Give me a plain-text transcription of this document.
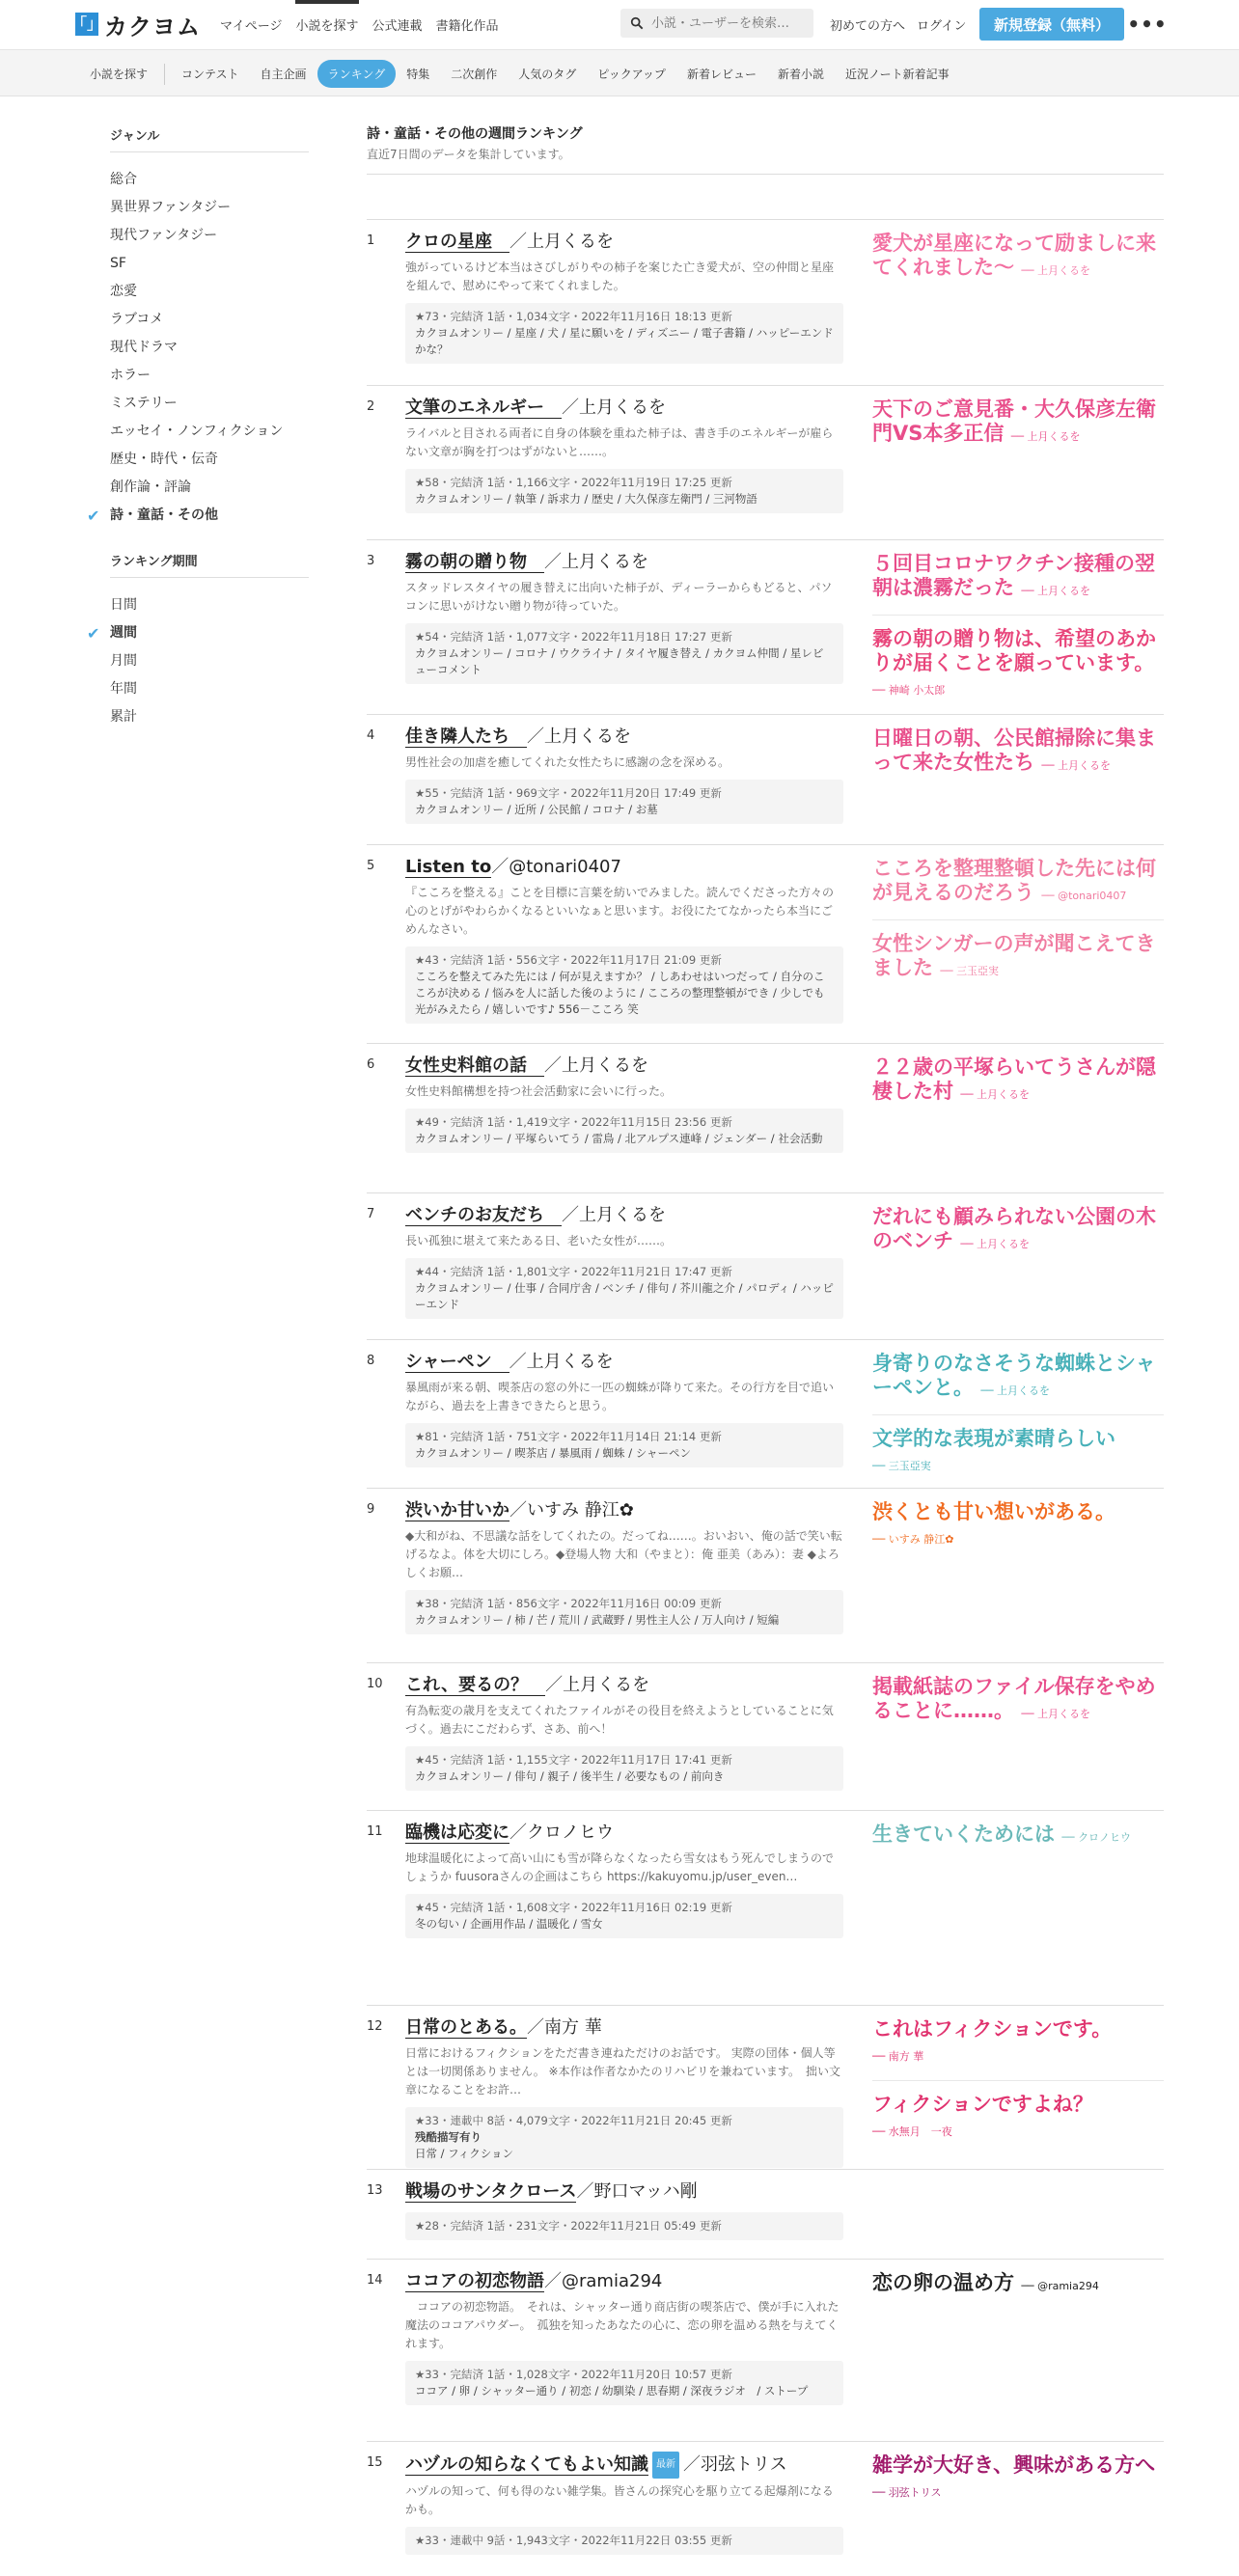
「」 カクヨム マイページ 小説を探す 公式連載 書籍化作品
小説・ユーザーを検索…	初めての方へ ログイン	新規登録（無料） •••
小説を探す	コンテスト	自主企画	ランキング	特集	二次創作	人気のタグ	ピックアップ	新着レビュー	新着小説	近況ノート新着記事
ジャンル
総合
異世界ファンタジー
現代ファンタジー
SF
恋愛
ラブコメ
現代ドラマ
ホラー
ミステリー
エッセイ・ノンフィクション
歴史・時代・伝奇
創作論・評論
✔ 詩・童話・その他
ランキング期間
日間
✔ 週間
月間
年間
累計
詩・童話・その他の週間ランキング
直近7日間のデータを集計しています。
1 クロの星座　／上月くるを
強がっているけど本当はさびしがりやの柿子を案じた亡き愛犬が、空の仲間と星座を組んで、慰めにやって来てくれました。
★73・完結済 1話・1,034文字・2022年11月16日 18:13 更新
カクヨムオンリー / 星座 / 犬 / 星に願いを / ディズニー / 電子書籍 / ハッピーエンドかな？
愛犬が星座になって励ましに来てくれました～ ── 上月くるを
2 文筆のエネルギー　／上月くるを
ライバルと目される両者に自身の体験を重ねた柿子は、書き手のエネルギーが雇らない文章が胸を打つはずがないと……。
★58・完結済 1話・1,166文字・2022年11月19日 17:25 更新
カクヨムオンリー / 執筆 / 訴求力 / 歴史 / 大久保彦左衛門 / 三河物語
天下のご意見番・大久保彦左衛門VS本多正信 ── 上月くるを
3 霧の朝の贈り物　／上月くるを
スタッドレスタイヤの履き替えに出向いた柿子が、ディーラーからもどると、パソコンに思いがけない贈り物が待っていた。
★54・完結済 1話・1,077文字・2022年11月18日 17:27 更新
カクヨムオンリー / コロナ / ウクライナ / タイヤ履き替え / カクヨム仲間 / 星レビューコメント
５回目コロナワクチン接種の翌朝は濃霧だった ── 上月くるを
霧の朝の贈り物は、希望のあかりが届くことを願っています。 ── 神崎 小太郎
4 佳き隣人たち　／上月くるを
男性社会の加虐を癒してくれた女性たちに感謝の念を深める。
★55・完結済 1話・969文字・2022年11月20日 17:49 更新
カクヨムオンリー / 近所 / 公民館 / コロナ / お墓
日曜日の朝、公民館掃除に集まって来た女性たち ── 上月くるを
5 Listen to／@tonari0407
『こころを整える』ことを目標に言葉を紡いでみました。読んでくださった方々の心のとげがやわらかくなるといいなぁと思います。お役にたてなかったら本当にごめんなさい。
★43・完結済 1話・556文字・2022年11月17日 21:09 更新
こころを整えてみた先には / 何が見えますか？ / しあわせはいつだって / 自分のこころが決める / 悩みを人に話した後のように / こころの整理整頓ができ / 少しでも光がみえたら / 嬉しいです♪ 556－こころ 笑
こころを整理整頓した先には何が見えるのだろう ── @tonari0407
女性シンガーの声が聞こえてきました ── 三玉亞実
6 女性史料館の話　／上月くるを
女性史料館構想を持つ社会活動家に会いに行った。
★49・完結済 1話・1,419文字・2022年11月15日 23:56 更新
カクヨムオンリー / 平塚らいてう / 雷鳥 / 北アルプス連峰 / ジェンダー / 社会活動
２２歳の平塚らいてうさんが隠棲した村 ── 上月くるを
7 ベンチのお友だち　／上月くるを
長い孤独に堪えて来たある日、老いた女性が……。
★44・完結済 1話・1,801文字・2022年11月21日 17:47 更新
カクヨムオンリー / 仕事 / 合同庁舎 / ベンチ / 俳句 / 芥川龍之介 / パロディ / ハッピーエンド
だれにも顧みられない公園の木のベンチ ── 上月くるを
8 シャーペン　／上月くるを
暴風雨が来る朝、喫茶店の窓の外に一匹の蜘蛛が降りて来た。その行方を目で追いながら、過去を上書きできたらと思う。
★81・完結済 1話・751文字・2022年11月14日 21:14 更新
カクヨムオンリー / 喫茶店 / 暴風雨 / 蜘蛛 / シャーペン
身寄りのなさそうな蜘蛛とシャーペンと。 ── 上月くるを
文学的な表現が素晴らしい ── 三玉亞実
9 渋いか甘いか／いすみ 静江✿
◆大和がね、不思議な話をしてくれたの。だってね……。おいおい、俺の話で笑い転げるなよ。体を大切にしろ。◆登場人物 大和（やまと）：俺 亜美（あみ）：妻 ◆よろしくお願…
★38・完結済 1話・856文字・2022年11月16日 00:09 更新
カクヨムオンリー / 柿 / 芒 / 荒川 / 武蔵野 / 男性主人公 / 万人向け / 短編
渋くとも甘い想いがある。 ── いすみ 静江✿
10 これ、要るの？　／上月くるを
有為転変の歳月を支えてくれたファイルがその役目を終えようとしていることに気づく。過去にこだわらず、さあ、前へ！
★45・完結済 1話・1,155文字・2022年11月17日 17:41 更新
カクヨムオンリー / 俳句 / 親子 / 後半生 / 必要なもの / 前向き
掲載紙誌のファイル保存をやめることに……。 ── 上月くるを
11 臨機は応変に／クロノヒウ
地球温暖化によって高い山にも雪が降らなくなったら雪女はもう死んでしまうのでしょうか fuusoraさんの企画はこちら https://kakuyomu.jp/user_even…
★45・完結済 1話・1,608文字・2022年11月16日 02:19 更新
冬の匂い / 企画用作品 / 温暖化 / 雪女
生きていくためには ── クロノヒウ
12 日常のとある。／南方 華
日常におけるフィクションをただ書き連ねただけのお話です。 実際の団体・個人等とは一切関係ありません。 ※本作は作者なかたのリハビリを兼ねています。　拙い文章になることをお許…
★33・連載中 8話・4,079文字・2022年11月21日 20:45 更新
残酷描写有り
日常 / フィクション
これはフィクションです。 ── 南方 華
フィクションですよね？ ── 水無月　一夜
13 戦場のサンタクロース／野口マッハ剛
★28・完結済 1話・231文字・2022年11月21日 05:49 更新
14 ココアの初恋物語／@ramia294
　ココアの初恋物語。　それは、シャッター通り商店街の喫茶店で、僕が手に入れた魔法のココアパウダー。　孤独を知ったあなたの心に、恋の卵を温める熱を与えてくれます。
★33・完結済 1話・1,028文字・2022年11月20日 10:57 更新
ココア / 卵 / シャッター通り / 初恋 / 幼馴染 / 思春期 / 深夜ラジオ　/ ストープ
恋の卵の温め方 ── @ramia294
15 ハヅルの知らなくてもよい知識 最新 ／羽弦トリス
ハヅルの知って、何も得のない雑学集。皆さんの探究心を駆り立てる起爆剤になるかも。
★33・連載中 9話・1,943文字・2022年11月22日 03:55 更新
雑学が大好き、興味がある方へ ── 羽弦トリス
